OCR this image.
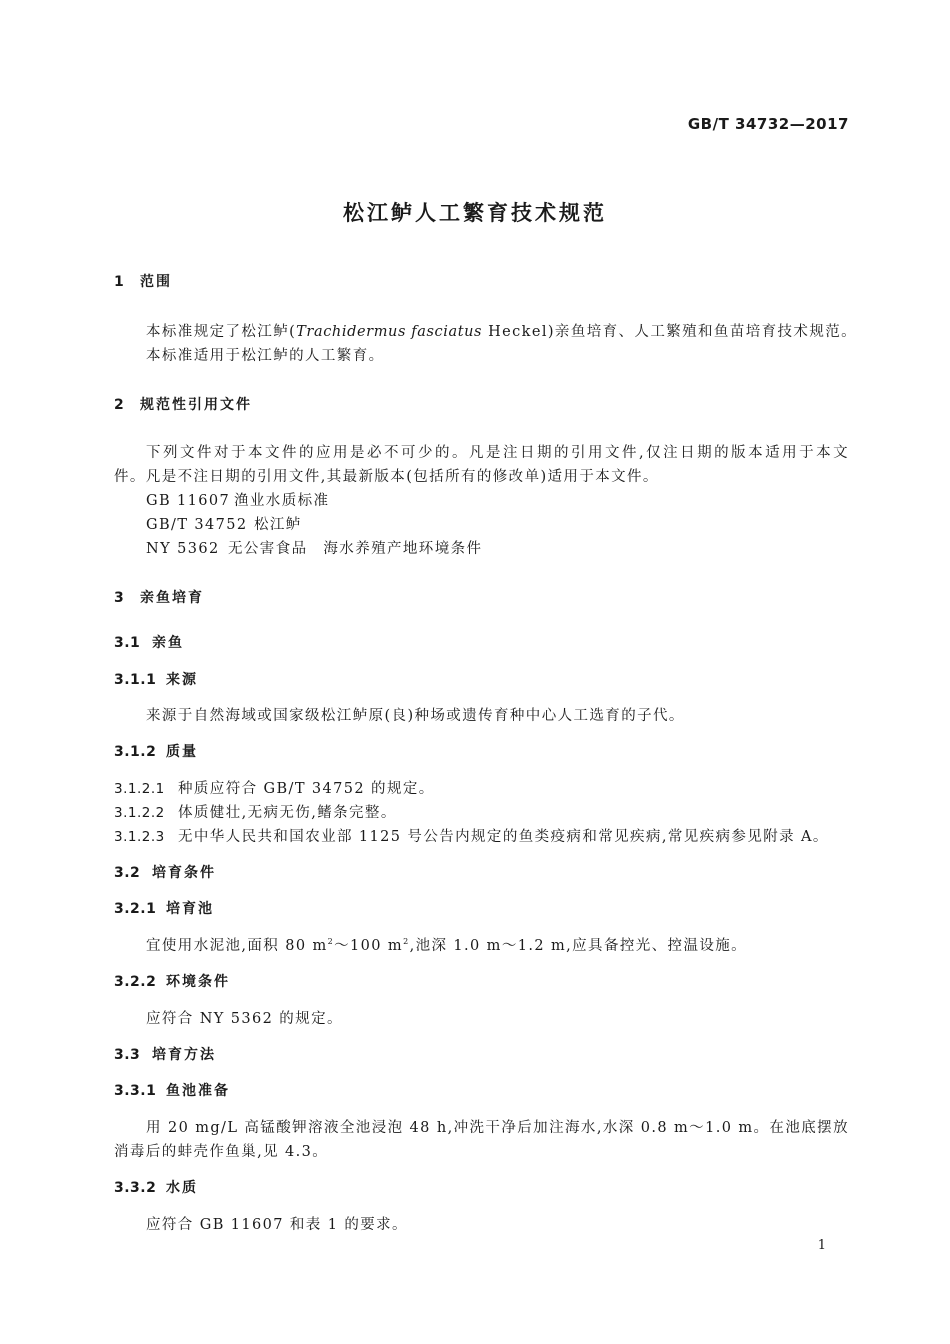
GB/T 34732—2017
松江鲈人工繁育技术规范
1 范围
本标准规定了松江鲈(Trachidermus fasciatus Heckel)亲鱼培育、人工繁殖和鱼苗培育技术规范。
本标准适用于松江鲈的人工繁育。
2 规范性引用文件
下列文件对于本文件的应用是必不可少的。凡是注日期的引用文件,仅注日期的版本适用于本文
件。凡是不注日期的引用文件,其最新版本(包括所有的修改单)适用于本文件。
GB 11607 渔业水质标准
GB/T 34752 松江鲈
NY 5362 无公害食品　海水养殖产地环境条件
3 亲鱼培育
3.1 亲鱼
3.1.1 来源
来源于自然海域或国家级松江鲈原(良)种场或遗传育种中心人工选育的子代。
3.1.2 质量
3.1.2.1 种质应符合 GB/T 34752 的规定。
3.1.2.2 体质健壮,无病无伤,鳍条完整。
3.1.2.3 无中华人民共和国农业部 1125 号公告内规定的鱼类疫病和常见疾病,常见疾病参见附录 A。
3.2 培育条件
3.2.1 培育池
宜使用水泥池,面积 80 $m^2\sim 100$ $m^2$,池深 1.0 m～1.2 m,应具备控光、控温设施。
3.2.2 环境条件
应符合 NY 5362 的规定。
3.3 培育方法
3.3.1 鱼池准备
用 20 mg/L 高锰酸钾溶液全池浸泡 48 h,冲洗干净后加注海水,水深 0.8 m～1.0 m。在池底摆放
消毒后的蚌壳作鱼巢,见 4.3。
3.3.2 水质
应符合 GB 11607 和表 1 的要求。
1
